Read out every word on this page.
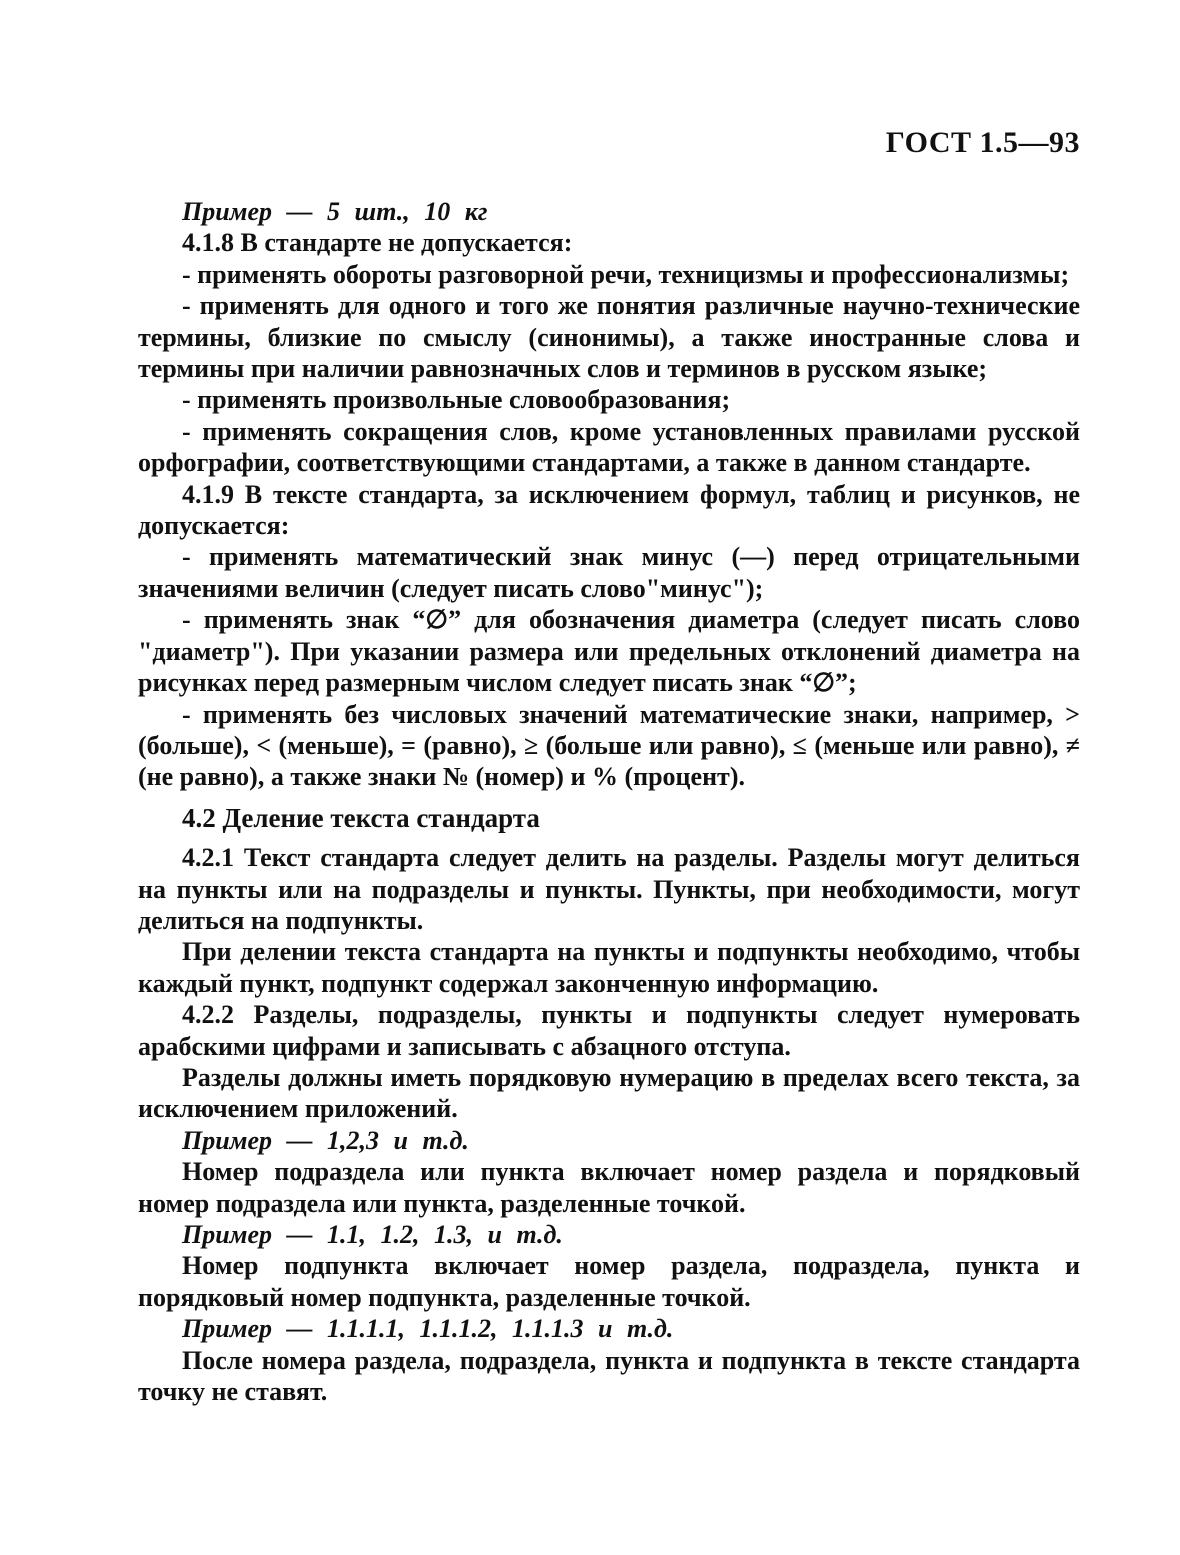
ГОСТ 1.5—93

Пример — 5 шт., 10 кг

4.1.8 В стандарте не допускается:

- применять обороты разговорной речи, техницизмы и профессионализмы;

- применять для одного и того же понятия различные научно-технические термины, близкие по смыслу (синонимы), а также иностранные слова и термины при наличии равнозначных слов и терминов в русском языке;

- применять произвольные словообразования;

- применять сокращения слов, кроме установленных правилами русской орфографии, соответствующими стандартами, а также в данном стандарте.

4.1.9 В тексте стандарта, за исключением формул, таблиц и рисунков, не допускается:

- применять математический знак минус (—) перед отрицательными значениями величин (следует писать слово"минус");

- применять знак “∅” для обозначения диаметра (следует писать слово "диаметр"). При указании размера или предельных отклонений диаметра на рисунках перед размерным числом следует писать знак “∅”;

- применять без числовых значений математические знаки, например, > (больше), < (меньше), = (равно), ≥ (больше или равно), ≤ (меньше или равно), ≠ (не равно), а также знаки № (номер) и % (процент).

4.2 Деление текста стандарта

4.2.1 Текст стандарта следует делить на разделы. Разделы могут делиться на пункты или на подразделы и пункты. Пункты, при необходимости, могут делиться на подпункты.

При делении текста стандарта на пункты и подпункты необходимо, чтобы каждый пункт, подпункт содержал законченную информацию.

4.2.2 Разделы, подразделы, пункты и подпункты следует нумеровать арабскими цифрами и записывать с абзацного отступа.

Разделы должны иметь порядковую нумерацию в пределах всего текста, за исключением приложений.

Пример — 1,2,3 и т.д.

Номер подраздела или пункта включает номер раздела и порядковый номер подраздела или пункта, разделенные точкой.

Пример — 1.1, 1.2, 1.3, и т.д.

Номер подпункта включает номер раздела, подраздела, пункта и порядковый номер подпункта, разделенные точкой.

Пример — 1.1.1.1, 1.1.1.2, 1.1.1.3 и т.д.

После номера раздела, подраздела, пункта и подпункта в тексте стандарта точку не ставят.
